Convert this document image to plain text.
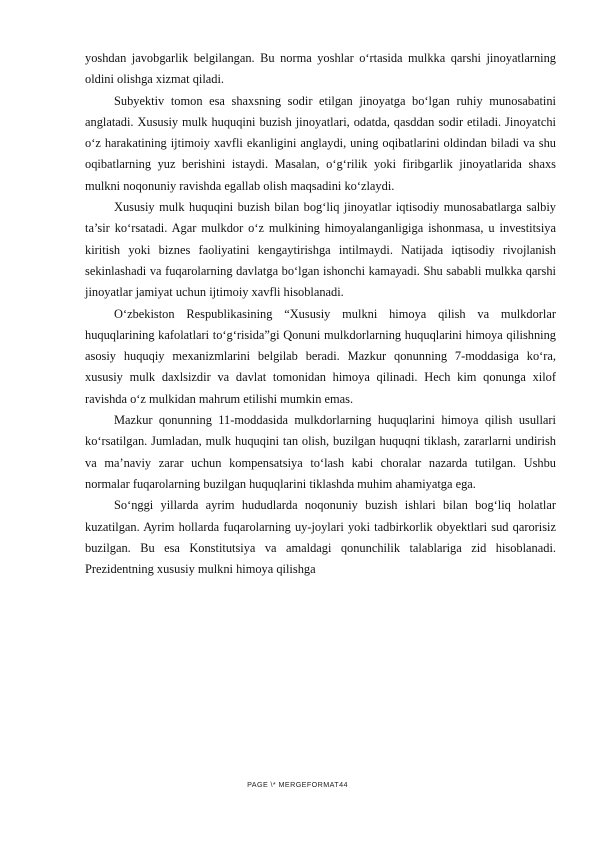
yoshdan javobgarlik belgilangan. Bu norma yoshlar o‘rtasida mulkka qarshi jinoyatlarning oldini olishga xizmat qiladi.

Subyektiv tomon esa shaxsning sodir etilgan jinoyatga bo‘lgan ruhiy munosabatini anglatadi. Xususiy mulk huquqini buzish jinoyatlari, odatda, qasddan sodir etiladi. Jinoyatchi o‘z harakatining ijtimoiy xavfli ekanligini anglaydi, uning oqibatlarini oldindan biladi va shu oqibatlarning yuz berishini istaydi. Masalan, o‘g‘rilik yoki firibgarlik jinoyatlarida shaxs mulkni noqonuniy ravishda egallab olish maqsadini ko‘zlaydi.

Xususiy mulk huquqini buzish bilan bog‘liq jinoyatlar iqtisodiy munosabatlarga salbiy ta’sir ko‘rsatadi. Agar mulkdor o‘z mulkining himoyalanganligiga ishonmasa, u investitsiya kiritish yoki biznes faoliyatini kengaytirishga intilmaydi. Natijada iqtisodiy rivojlanish sekinlashadi va fuqarolarning davlatga bo‘lgan ishonchi kamayadi. Shu sababli mulkka qarshi jinoyatlar jamiyat uchun ijtimoiy xavfli hisoblanadi.

O‘zbekiston Respublikasining “Xususiy mulkni himoya qilish va mulkdorlar huquqlarining kafolatlari to‘g‘risida”gi Qonuni mulkdorlarning huquqlarini himoya qilishning asosiy huquqiy mexanizmlarini belgilab beradi. Mazkur qonunning 7-moddasiga ko‘ra, xususiy mulk daxlsizdir va davlat tomonidan himoya qilinadi. Hech kim qonunga xilof ravishda o‘z mulkidan mahrum etilishi mumkin emas.

Mazkur qonunning 11-moddasida mulkdorlarning huquqlarini himoya qilish usullari ko‘rsatilgan. Jumladan, mulk huquqini tan olish, buzilgan huquqni tiklash, zararlarni undirish va ma’naviy zarar uchun kompensatsiya to‘lash kabi choralar nazarda tutilgan. Ushbu normalar fuqarolarning buzilgan huquqlarini tiklashda muhim ahamiyatga ega.

So‘nggi yillarda ayrim hududlarda noqonuniy buzish ishlari bilan bog‘liq holatlar kuzatilgan. Ayrim hollarda fuqarolarning uy-joylari yoki tadbirkorlik obyektlari sud qarorisiz buzilgan. Bu esa Konstitutsiya va amaldagi qonunchilik talablariga zid hisoblanadi. Prezidentning xususiy mulkni himoya qilishga

PAGE \* MERGEFORMAT44
